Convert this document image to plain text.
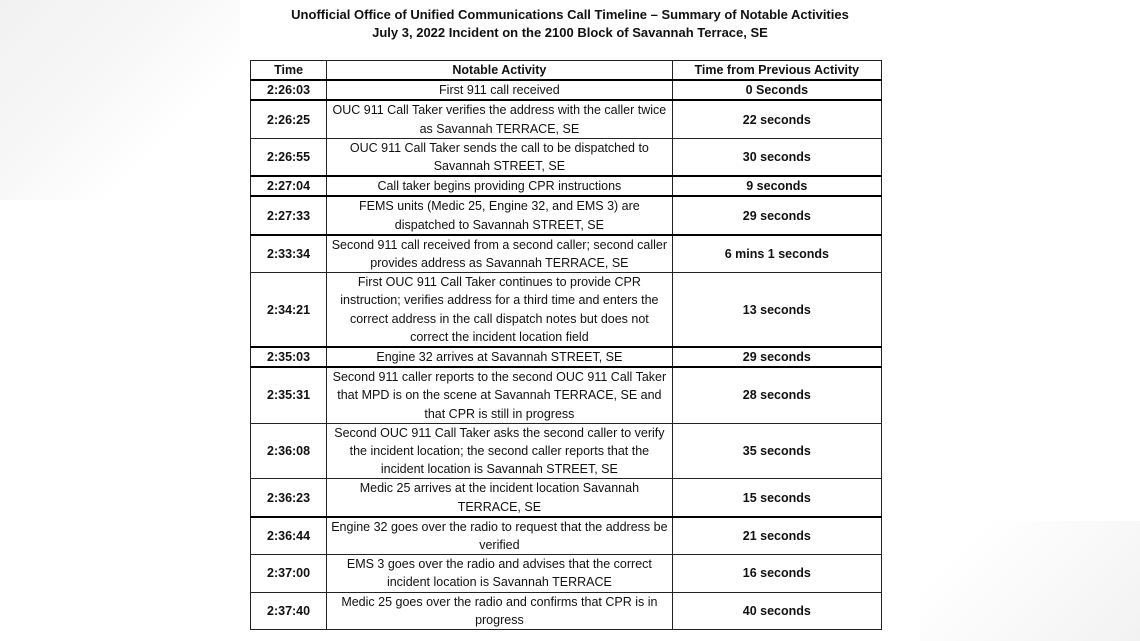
Unofficial Office of Unified Communications Call Timeline – Summary of Notable Activities
July 3, 2022 Incident on the 2100 Block of Savannah Terrace, SE
Time	Notable Activity	Time from Previous Activity
2:26:03	First 911 call received	0 Seconds
2:26:25	OUC 911 Call Taker verifies the address with the caller twice as Savannah TERRACE, SE	22 seconds
2:26:55	OUC 911 Call Taker sends the call to be dispatched to Savannah STREET, SE	30 seconds
2:27:04	Call taker begins providing CPR instructions	9 seconds
2:27:33	FEMS units (Medic 25, Engine 32, and EMS 3) are dispatched to Savannah STREET, SE	29 seconds
2:33:34	Second 911 call received from a second caller; second caller provides address as Savannah TERRACE, SE	6 mins 1 seconds
2:34:21	First OUC 911 Call Taker continues to provide CPR instruction; verifies address for a third time and enters the correct address in the call dispatch notes but does not correct the incident location field	13 seconds
2:35:03	Engine 32 arrives at Savannah STREET, SE	29 seconds
2:35:31	Second 911 caller reports to the second OUC 911 Call Taker that MPD is on the scene at Savannah TERRACE, SE and that CPR is still in progress	28 seconds
2:36:08	Second OUC 911 Call Taker asks the second caller to verify the incident location; the second caller reports that the incident location is Savannah STREET, SE	35 seconds
2:36:23	Medic 25 arrives at the incident location Savannah TERRACE, SE	15 seconds
2:36:44	Engine 32 goes over the radio to request that the address be verified	21 seconds
2:37:00	EMS 3 goes over the radio and advises that the correct incident location is Savannah TERRACE	16 seconds
2:37:40	Medic 25 goes over the radio and confirms that CPR is in progress	40 seconds
